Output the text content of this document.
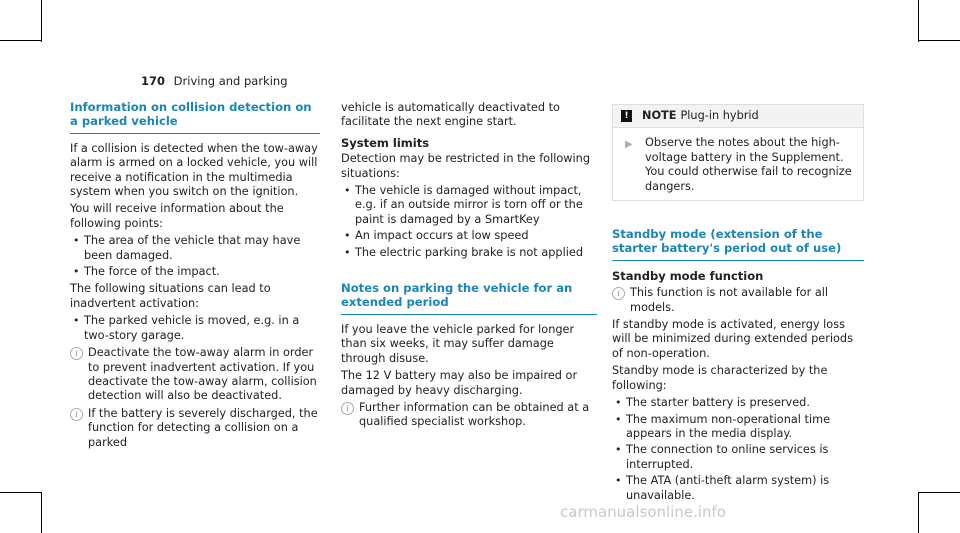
170 Driving and parking
Information on collision detection on a parked vehicle

If a collision is detected when the tow-away alarm is armed on a locked vehicle, you will receive a notification in the multimedia system when you switch on the ignition.

You will receive information about the following points:

• The area of the vehicle that may have been damaged.
• The force of the impact.

The following situations can lead to inadvertent activation:

• The parked vehicle is moved, e.g. in a two-story garage.
i Deactivate the tow-away alarm in order to prevent inadvertent activation. If you deactivate the tow-away alarm, collision detection will also be deactivated.
i If the battery is severely discharged, the function for detecting a collision on a parked

vehicle is automatically deactivated to facilitate the next engine start.

System limits

Detection may be restricted in the following situations:

• The vehicle is damaged without impact, e.g. if an outside mirror is torn off or the paint is damaged by a SmartKey
• An impact occurs at low speed
• The electric parking brake is not applied
Notes on parking the vehicle for an extended period

If you leave the vehicle parked for longer than six weeks, it may suffer damage through disuse.

The 12 V battery may also be impaired or damaged by heavy discharging.

i Further information can be obtained at a qualified specialist workshop.
!	NOTE Plug-in hybrid
▶ Observe the notes about the high-voltage battery in the Supplement. You could otherwise fail to recognize dangers.
Standby mode (extension of the starter battery's period out of use)
Standby mode function
i This function is not available for all models.

If standby mode is activated, energy loss will be minimized during extended periods of non-operation.

Standby mode is characterized by the following:

• The starter battery is preserved.
• The maximum non-operational time appears in the media display.
• The connection to online services is interrupted.
• The ATA (anti-theft alarm system) is unavailable.
carmanualsonline.info
